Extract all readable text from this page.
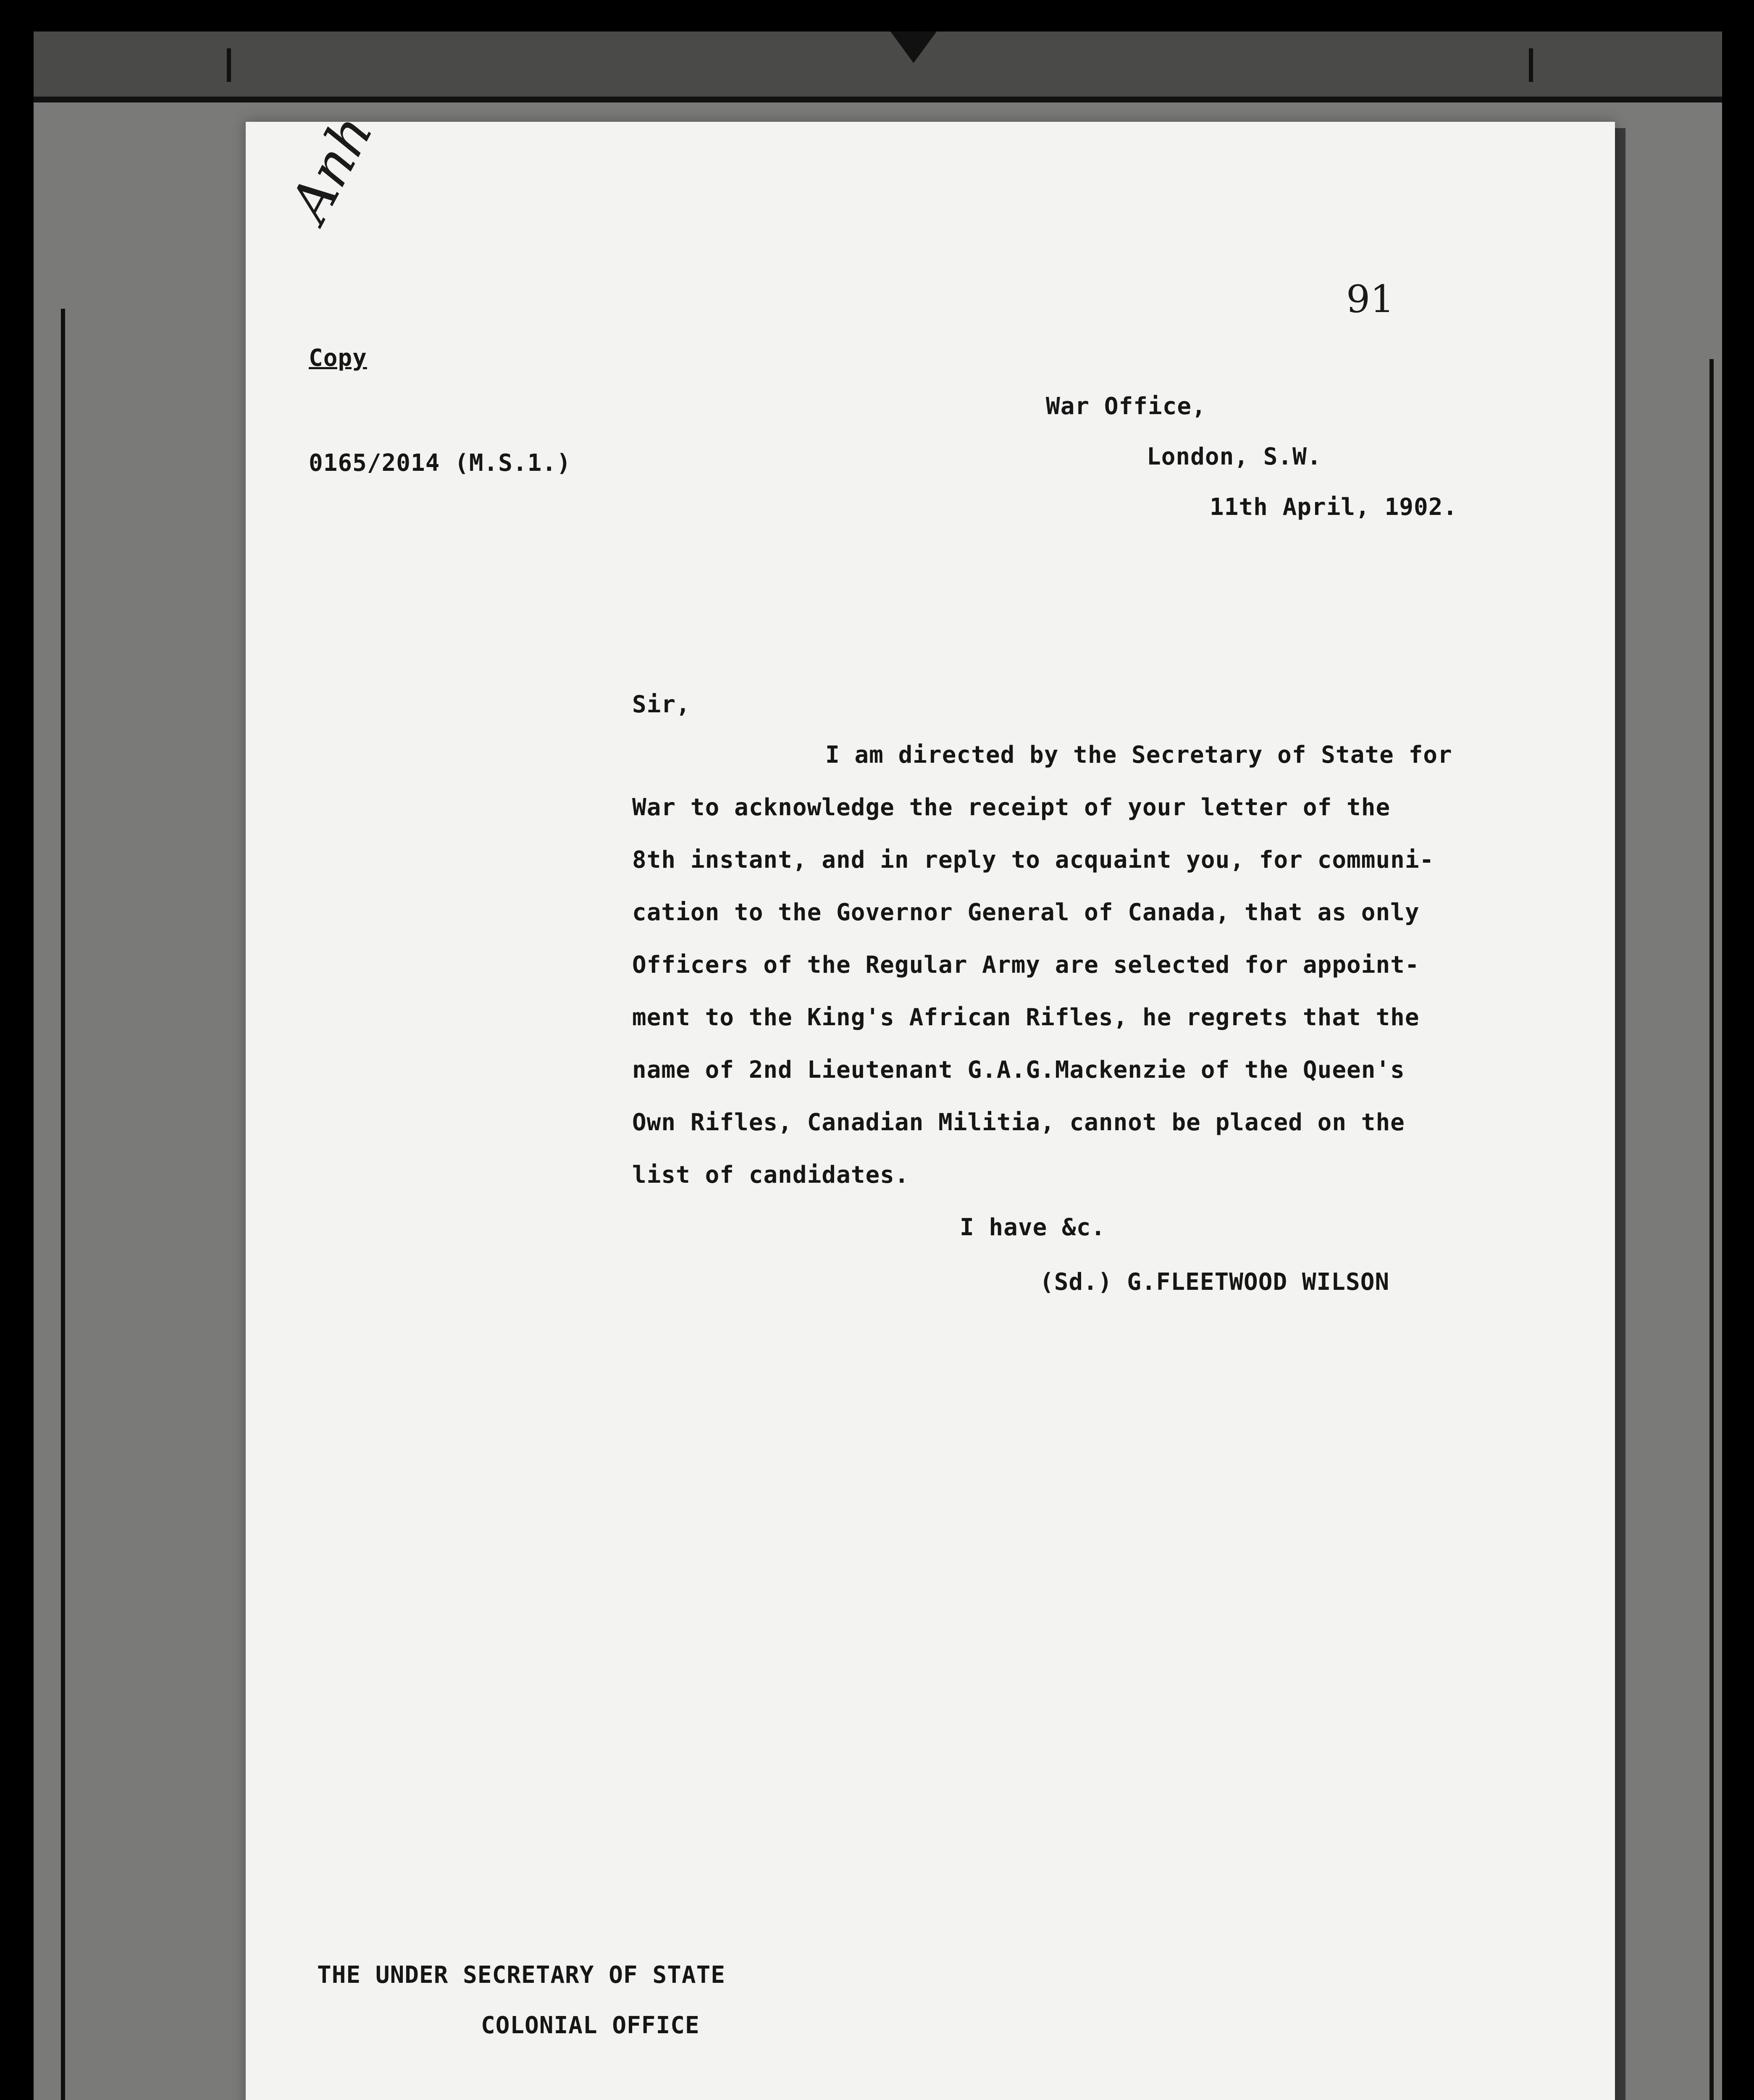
Anh
91
Copy
War Office,
0165/2014 (M.S.1.)	London, S.W.
11th April, 1902.
Sir,
I am directed by the Secretary of State for
War to acknowledge the receipt of your letter of the
8th instant, and in reply to acquaint you, for communi-
cation to the Governor General of Canada, that as only
Officers of the Regular Army are selected for appoint-
ment to the King's African Rifles, he regrets that the
name of 2nd Lieutenant G.A.G.Mackenzie of the Queen's
Own Rifles, Canadian Militia, cannot be placed on the
list of candidates.
I have &c.
(Sd.) G.FLEETWOOD WILSON
THE UNDER SECRETARY OF STATE
COLONIAL OFFICE
